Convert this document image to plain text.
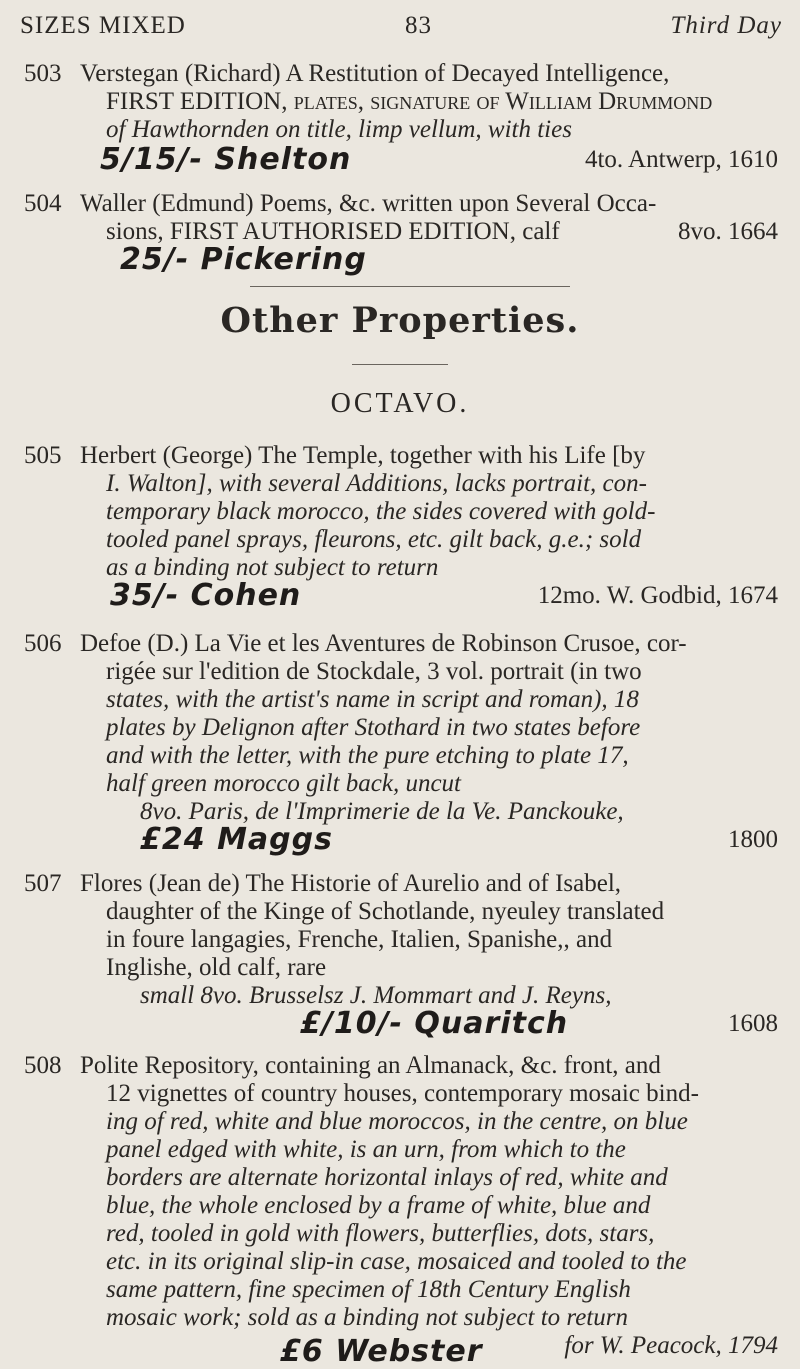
SIZES MIXED	83	Third Day
503 Verstegan (Richard) A Restitution of Decayed Intelligence,

FIRST EDITION, plates, signature of William Drummond

of Hawthornden on title, limp vellum, with ties

5/15/- Shelton	4to. Antwerp, 1610
504 Waller (Edmund) Poems, &c. written upon Several Occa-

sions, FIRST AUTHORISED EDITION, calf	8vo. 1664
25/- Pickering
Other Properties.
OCTAVO.
505 Herbert (George) The Temple, together with his Life [by

I. Walton], with several Additions, lacks portrait, con-

temporary black morocco, the sides covered with gold-

tooled panel sprays, fleurons, etc. gilt back, g.e.; sold

as a binding not subject to return

35/- Cohen	12mo. W. Godbid, 1674
506 Defoe (D.) La Vie et les Aventures de Robinson Crusoe, cor-

rigée sur l'edition de Stockdale, 3 vol. portrait (in two

states, with the artist's name in script and roman), 18

plates by Delignon after Stothard in two states before

and with the letter, with the pure etching to plate 17,

half green morocco gilt back, uncut

8vo. Paris, de l'Imprimerie de la Ve. Panckouke,

£24 Maggs	1800
507 Flores (Jean de) The Historie of Aurelio and of Isabel,

daughter of the Kinge of Schotlande, nyeuley translated

in foure langagies, Frenche, Italien, Spanishe,, and

Inglishe, old calf, rare

small 8vo. Brusselsz J. Mommart and J. Reyns,

£/10/- Quaritch	1608
508 Polite Repository, containing an Almanack, &c. front, and

12 vignettes of country houses, contemporary mosaic bind-

ing of red, white and blue moroccos, in the centre, on blue

panel edged with white, is an urn, from which to the

borders are alternate horizontal inlays of red, white and

blue, the whole enclosed by a frame of white, blue and

red, tooled in gold with flowers, butterflies, dots, stars,

etc. in its original slip-in case, mosaiced and tooled to the

same pattern, fine specimen of 18th Century English

mosaic work; sold as a binding not subject to return

£6 Webster	for W. Peacock, 1794
